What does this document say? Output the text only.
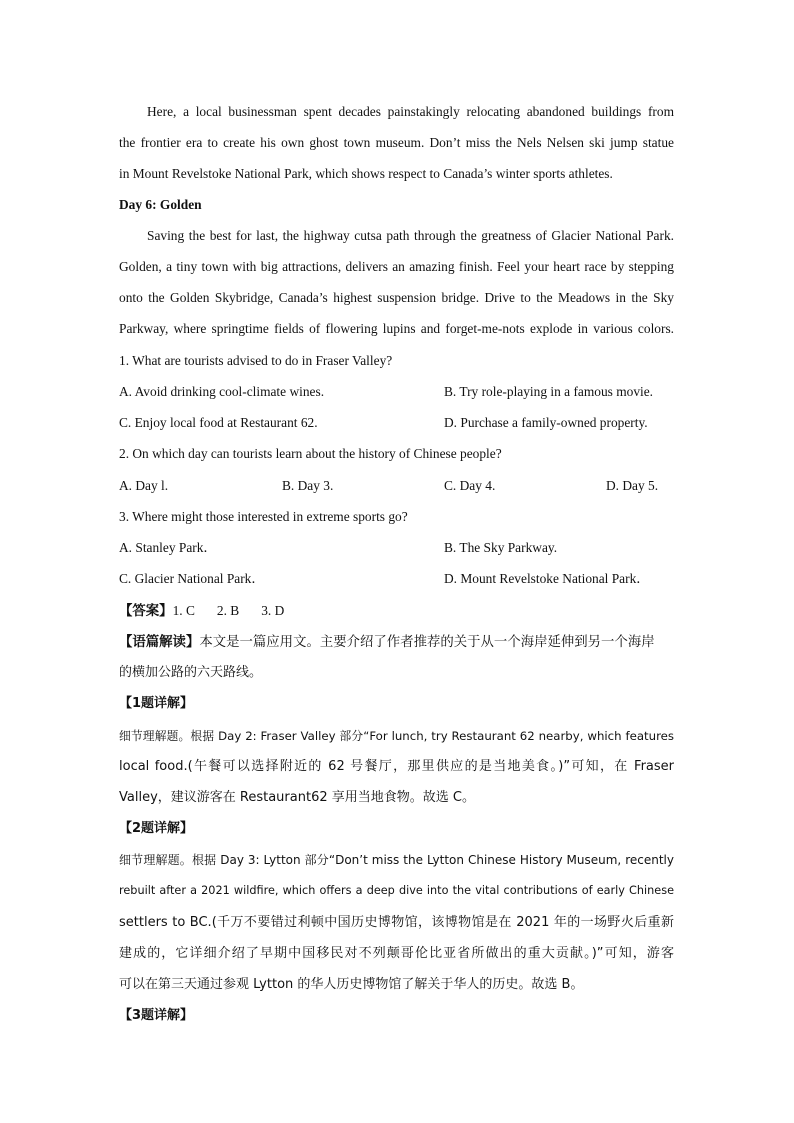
Here, a local businessman spent decades painstakingly relocating abandoned buildings from
the frontier era to create his own ghost town museum. Don’t miss the Nels Nelsen ski jump statue
in Mount Revelstoke National Park, which shows respect to Canada’s winter sports athletes.
Day 6: Golden
Saving the best for last, the highway cutsa path through the greatness of Glacier National Park.
Golden, a tiny town with big attractions, delivers an amazing finish. Feel your heart race by stepping
onto the Golden Skybridge, Canada’s highest suspension bridge. Drive to the Meadows in the Sky
Parkway, where springtime fields of flowering lupins and forget-me-nots explode in various colors.
1. What are tourists advised to do in Fraser Valley?
A. Avoid drinking cool-climate wines.	B. Try role-playing in a famous movie.
C. Enjoy local food at Restaurant 62.	D. Purchase a family-owned property.
2. On which day can tourists learn about the history of Chinese people?
A. Day l.	B. Day 3.	C. Day 4.	D. Day 5.
3. Where might those interested in extreme sports go?
A. Stanley Park．	B. The Sky Parkway.
C. Glacier National Park．	D. Mount Revelstoke National Park．
【答案】1. C 2. B 3. D
【语篇解读】本文是一篇应用文。主要介绍了作者推荐的关于从一个海岸延伸到另一个海岸
的横加公路的六天路线。
【1题详解】
细节理解题。根据 Day 2: Fraser Valley 部分“For lunch, try Restaurant 62 nearby, which features
local food.(午餐可以选择附近的 62 号餐厅，那里供应的是当地美食。)”可知，在 Fraser
Valley，建议游客在 Restaurant62 享用当地食物。故选 C。
【2题详解】
细节理解题。根据 Day 3: Lytton 部分“Don’t miss the Lytton Chinese History Museum, recently
rebuilt after a 2021 wildfire, which offers a deep dive into the vital contributions of early Chinese
settlers to BC.(千万不要错过利顿中国历史博物馆，该博物馆是在 2021 年的一场野火后重新
建成的，它详细介绍了早期中国移民对不列颠哥伦比亚省所做出的重大贡献。)”可知，游客
可以在第三天通过参观 Lytton 的华人历史博物馆了解关于华人的历史。故选 B。
【3题详解】
